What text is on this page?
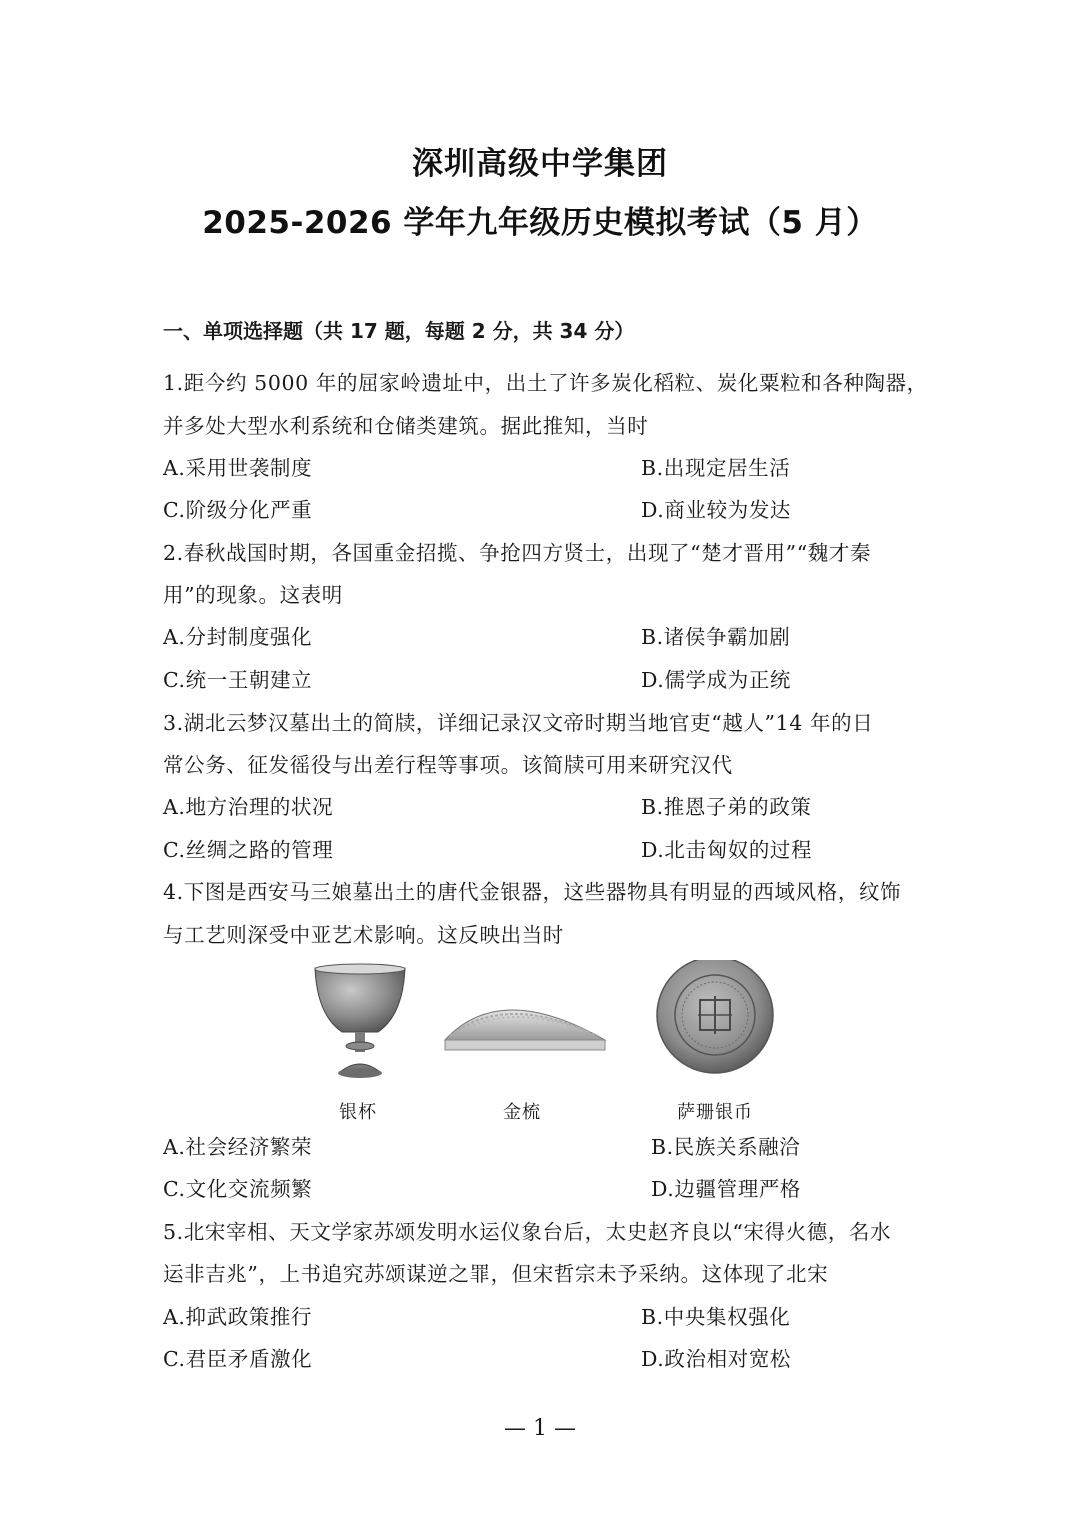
深圳高级中学集团
2025-2026 学年九年级历史模拟考试（5 月）
一、单项选择题（共 17 题，每题 2 分，共 34 分）
1.距今约 5000 年的屈家岭遗址中，出土了许多炭化稻粒、炭化粟粒和各种陶器，
并多处大型水利系统和仓储类建筑。据此推知，当时
A.采用世袭制度	B.出现定居生活
C.阶级分化严重	D.商业较为发达
2.春秋战国时期，各国重金招揽、争抢四方贤士，出现了“楚才晋用”“魏才秦
用”的现象。这表明
A.分封制度强化	B.诸侯争霸加剧
C.统一王朝建立	D.儒学成为正统
3.湖北云梦汉墓出土的简牍，详细记录汉文帝时期当地官吏“越人”14 年的日
常公务、征发徭役与出差行程等事项。该简牍可用来研究汉代
A.地方治理的状况	B.推恩子弟的政策
C.丝绸之路的管理	D.北击匈奴的过程
4.下图是西安马三娘墓出土的唐代金银器，这些器物具有明显的西域风格，纹饰
与工艺则深受中亚艺术影响。这反映出当时
银杯	金梳	萨珊银币
A.社会经济繁荣	B.民族关系融洽
C.文化交流频繁	D.边疆管理严格
5.北宋宰相、天文学家苏颂发明水运仪象台后，太史赵齐良以“宋得火德，名水
运非吉兆”，上书追究苏颂谋逆之罪，但宋哲宗未予采纳。这体现了北宋
A.抑武政策推行	B.中央集权强化
C.君臣矛盾激化	D.政治相对宽松
— 1 —
